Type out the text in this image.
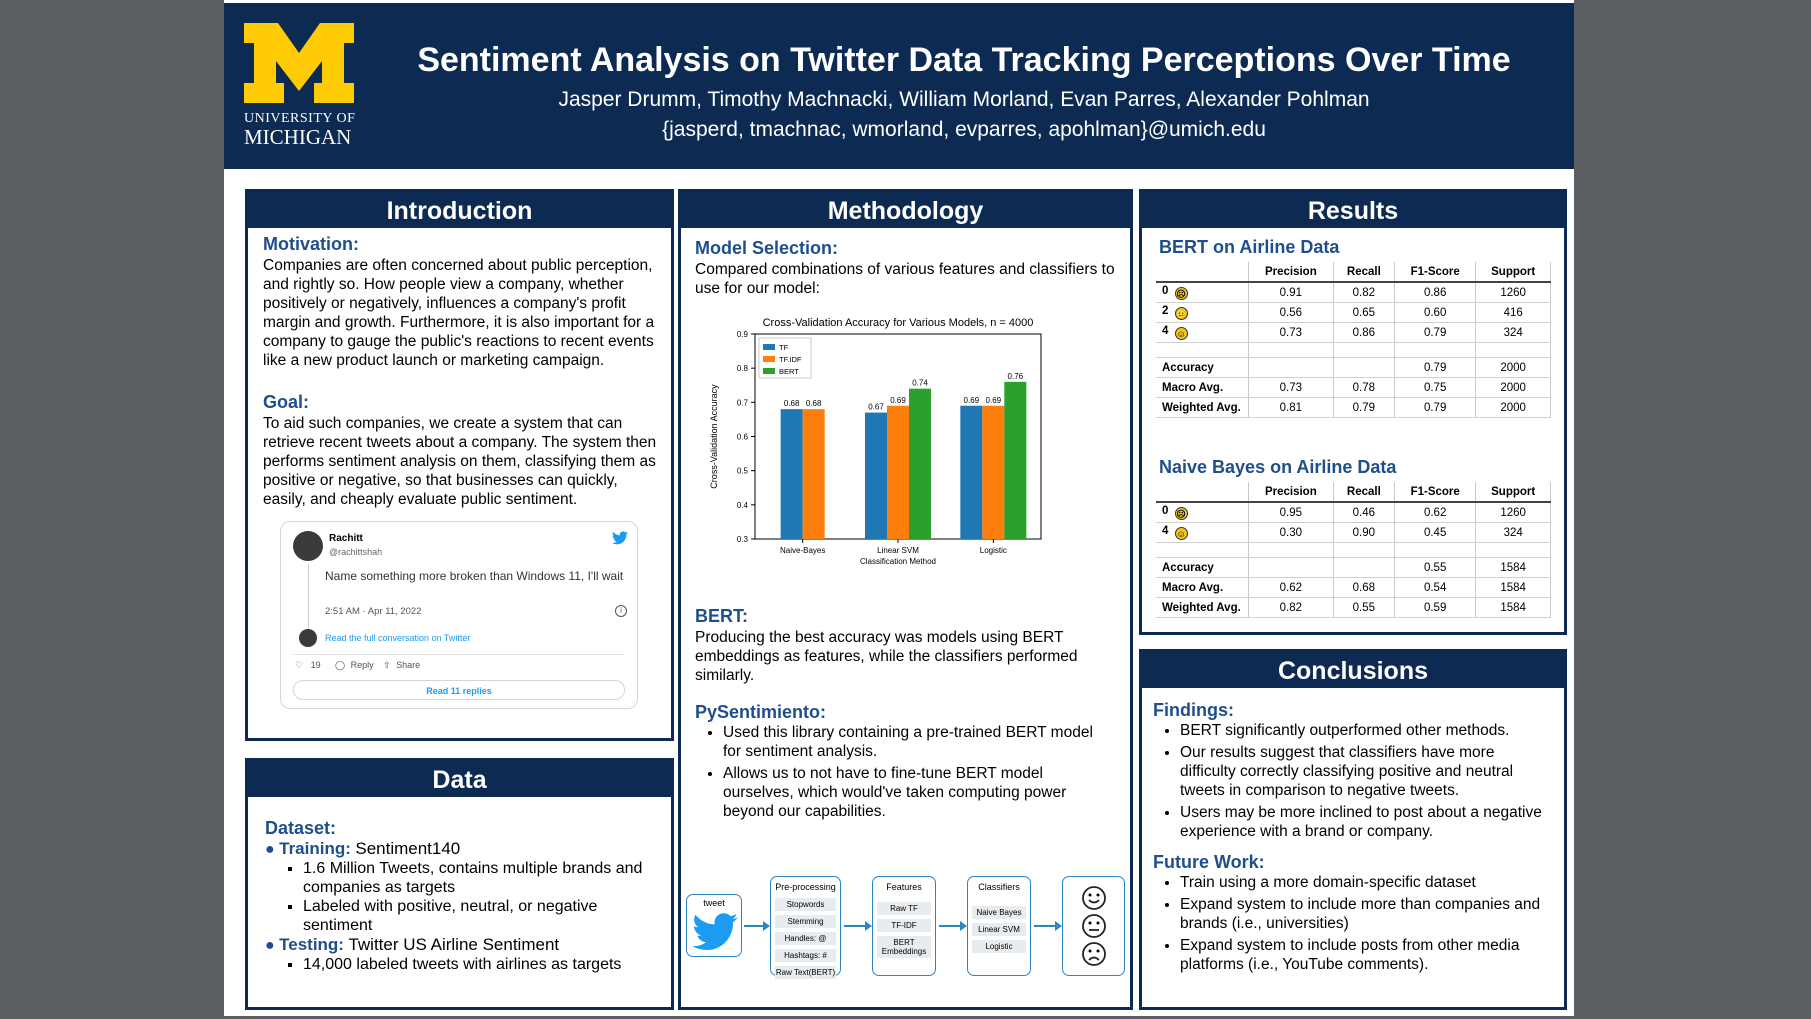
UNIVERSITY OF
MICHIGAN
Sentiment Analysis on Twitter Data Tracking Perceptions Over Time
Jasper Drumm, Timothy Machnacki, William Morland, Evan Parres, Alexander Pohlman
{jasperd, tmachnac, wmorland, evparres, apohlman}@umich.edu
Introduction
Motivation:
Companies are often concerned about public perception, and rightly so. How people view a company, whether positively or negatively, influences a company's profit margin and growth. Furthermore, it is also important for a company to gauge the public's reactions to recent events like a new product launch or marketing campaign.
Goal:
To aid such companies, we create a system that can retrieve recent tweets about a company. The system then performs sentiment analysis on them, classifying them as positive or negative, so that businesses can quickly, easily, and cheaply evaluate public sentiment.
Rachitt
@rachittshah
Name something more broken than Windows 11, I'll wait
2:51 AM · Apr 11, 2022	i
Read the full conversation on Twitter
♡ 19 ◯ Reply ⇧ Share
Read 11 replies
Data
Dataset:
● Training: Sentiment140
▪ 1.6 Million Tweets, contains multiple brands and companies as targets
▪ Labeled with positive, neutral, or negative sentiment
● Testing: Twitter US Airline Sentiment
▪ 14,000 labeled tweets with airlines as targets
Methodology
Model Selection:
Compared combinations of various features and classifiers to use for our model:
Cross-Validation Accuracy for Various Models, n = 4000
0.3
0.4
0.5
0.6
0.7
0.8
0.9
Cross-Validation Accuracy	0.68 0.68
Naive-Bayes
0.67
0.69
0.74
Linear SVM
0.69 0.69
0.76
Logistic
Classification Method
TF
TF.IDF
BERT
BERT:
Producing the best accuracy was models using BERT embeddings as features, while the classifiers performed similarly.
PySentimiento:
• Used this library containing a pre-trained BERT model for sentiment analysis.
• Allows us to not have to fine-tune BERT model ourselves, which would've taken computing power beyond our capabilities.
tweet
Pre-processing
Stopwords
Stemming
Handles: @
Hashtags: #
Raw Text(BERT)
Features
Raw TF
TF-IDF
BERT Embeddings
Classifiers
Naive Bayes
Linear SVM
Logistic
Results
BERT on Airline Data
	Precision	Recall	F1-Score	Support
0 ☹	0.91	0.82	0.86	1260
2 😐	0.56	0.65	0.60	416
4 ☺	0.73	0.86	0.79	324

Accuracy			0.79	2000
Macro Avg.	0.73	0.78	0.75	2000
Weighted Avg.	0.81	0.79	0.79	2000
Naive Bayes on Airline Data
	Precision	Recall	F1-Score	Support
0 ☹	0.95	0.46	0.62	1260
4 ☺	0.30	0.90	0.45	324

Accuracy			0.55	1584
Macro Avg.	0.62	0.68	0.54	1584
Weighted Avg.	0.82	0.55	0.59	1584
Conclusions
Findings:
• BERT significantly outperformed other methods.
• Our results suggest that classifiers have more difficulty correctly classifying positive and neutral tweets in comparison to negative tweets.
• Users may be more inclined to post about a negative experience with a brand or company.
Future Work:
• Train using a more domain-specific dataset
• Expand system to include more than companies and brands (i.e., universities)
• Expand system to include posts from other media platforms (i.e., YouTube comments).
